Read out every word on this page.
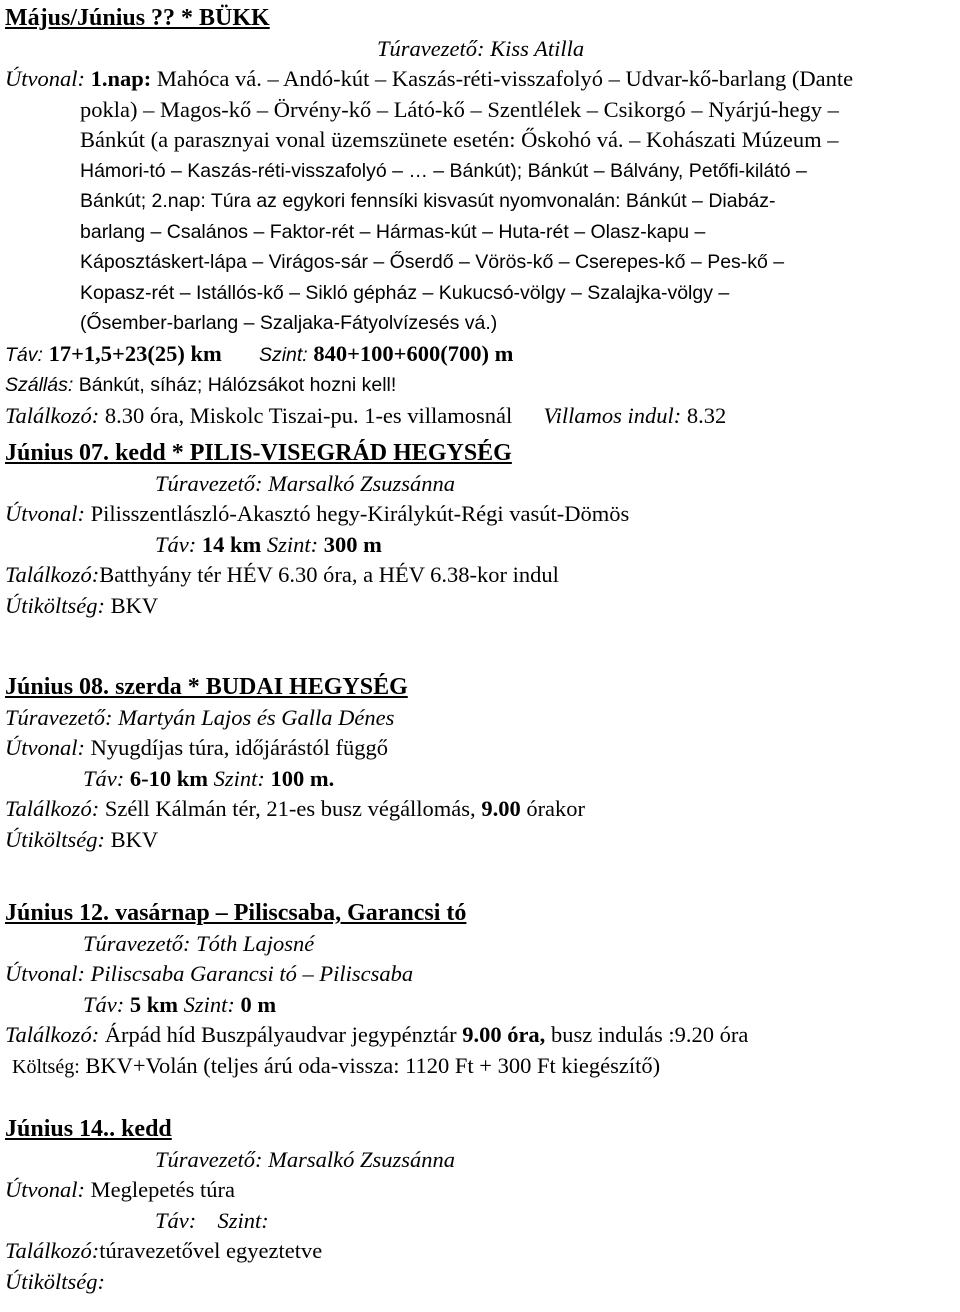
Május/Június ?? * BÜKK
Túravezető: Kiss Atilla
Útvonal: 1.nap: Mahóca vá. – Andó-kút – Kaszás-réti-visszafolyó – Udvar-kő-barlang (Dante
pokla) – Magos-kő – Örvény-kő – Látó-kő – Szentlélek – Csikorgó – Nyárjú-hegy –
Bánkút (a parasznyai vonal üzemszünete esetén: Őskohó vá. – Kohászati Múzeum –
Hámori-tó – Kaszás-réti-visszafolyó – … – Bánkút); Bánkút – Bálvány, Petőfi-kilátó –
Bánkút; 2.nap: Túra az egykori fennsíki kisvasút nyomvonalán: Bánkút – Diabáz-
barlang – Csalános – Faktor-rét – Hármas-kút – Huta-rét – Olasz-kapu –
Káposztáskert-lápa – Virágos-sár – Őserdő – Vörös-kő – Cserepes-kő – Pes-kő –
Kopasz-rét – Istállós-kő – Sikló gépház – Kukucsó-völgy – Szalajka-völgy –
(Ősember-barlang – Szaljaka-Fátyolvízesés vá.)
Táv: 17+1,5+23(25) km Szint: 840+100+600(700) m
Szállás: Bánkút, síház; Hálózsákot hozni kell!
Találkozó: 8.30 óra, Miskolc Tiszai-pu. 1-es villamosnál Villamos indul: 8.32
Június 07. kedd * PILIS-VISEGRÁD HEGYSÉG
Túravezető: Marsalkó Zsuzsánna
Útvonal: Pilisszentlászló-Akasztó hegy-Királykút-Régi vasút-Dömös
Táv: 14 km Szint: 300 m
Találkozó:Batthyány tér HÉV 6.30 óra, a HÉV 6.38-kor indul
Útiköltség: BKV
Június 08. szerda * BUDAI HEGYSÉG
Túravezető: Martyán Lajos és Galla Dénes
Útvonal: Nyugdíjas túra, időjárástól függő
Táv: 6-10 km Szint: 100 m.
Találkozó: Széll Kálmán tér, 21-es busz végállomás, 9.00 órakor
Útiköltség: BKV
Június 12. vasárnap – Piliscsaba, Garancsi tó
Túravezető: Tóth Lajosné
Útvonal: Piliscsaba Garancsi tó – Piliscsaba
Táv: 5 km Szint: 0 m
Találkozó: Árpád híd Buszpályaudvar jegypénztár 9.00 óra, busz indulás :9.20 óra
Költség: BKV+Volán (teljes árú oda-vissza: 1120 Ft + 300 Ft kiegészítő)
Június 14.. kedd
Túravezető: Marsalkó Zsuzsánna
Útvonal: Meglepetés túra
Táv: Szint:
Találkozó:túravezetővel egyeztetve
Útiköltség:
